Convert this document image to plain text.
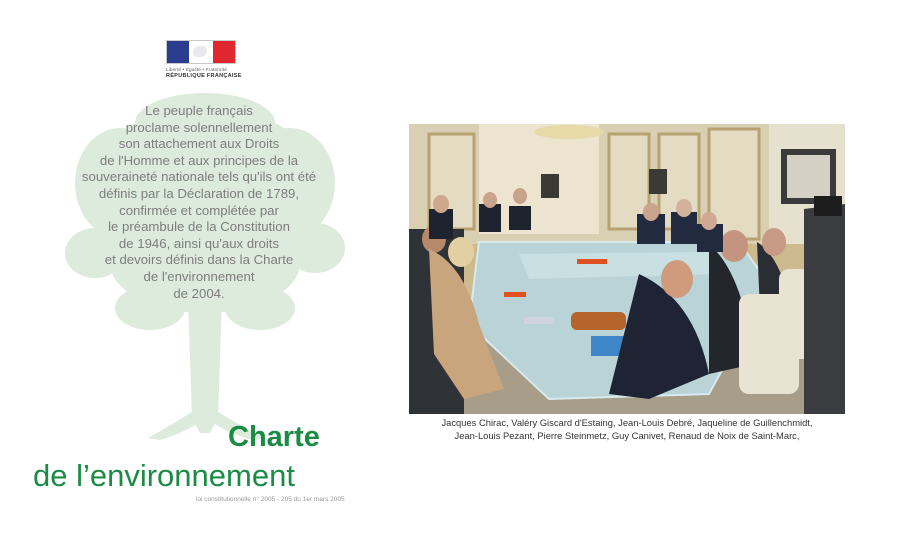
Liberté • Égalité • Fraternité
RÉPUBLIQUE FRANÇAISE
Le peuple français
proclame solennellement
son attachement aux Droits
de l'Homme et aux principes de la
souveraineté nationale tels qu'ils ont été
définis par la Déclaration de 1789,
confirmée et complétée par
le préambule de la Constitution
de 1946, ainsi qu'aux droits
et devoirs définis dans la Charte
de l'environnement
de 2004.
Charte
de l’environnement
loi constitutionnelle n° 2005 - 205 du 1er mars 2005
Jacques Chirac, Valéry Giscard d'Estaing, Jean-Louis Debré, Jaqueline de Guillenchmidt,
Jean-Louis Pezant, Pierre Steinmetz, Guy Canivet, Renaud de Noix de Saint-Marc,
